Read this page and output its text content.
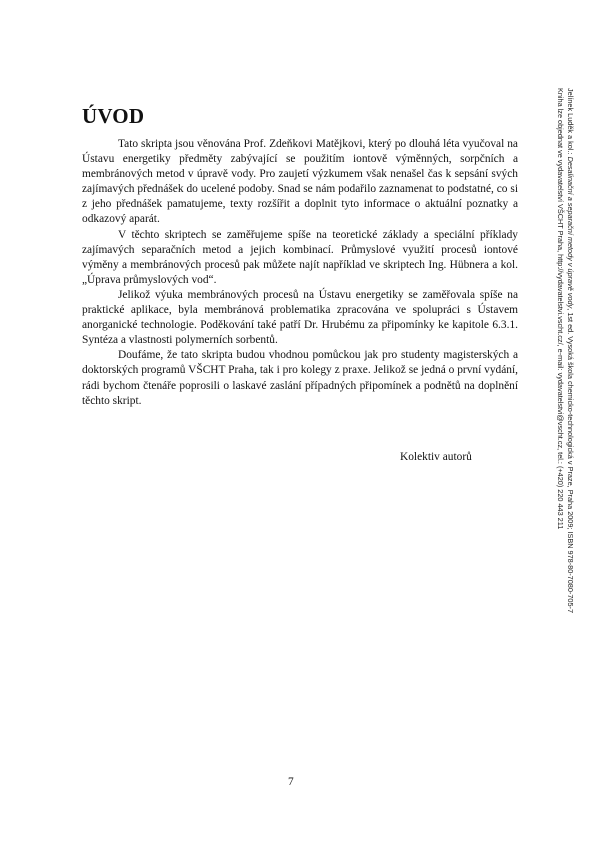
ÚVOD

Tato skripta jsou věnována Prof. Zdeňkovi Matějkovi, který po dlouhá léta vyučoval na Ústavu energetiky předměty zabývající se použitím iontově výměnných, sorpčních a membránových metod v úpravě vody. Pro zaujetí výzkumem však nenašel čas k sepsání svých zajímavých přednášek do ucelené podoby. Snad se nám podařilo zaznamenat to podstatné, co si z jeho přednášek pamatujeme, texty rozšířit a doplnit tyto informace o aktuální poznatky a odkazový aparát.

V těchto skriptech se zaměřujeme spíše na teoretické základy a speciální příklady zajímavých separačních metod a jejich kombinací. Průmyslové využití procesů iontové výměny a membránových procesů pak můžete najít například ve skriptech Ing. Hübnera a kol. „Úprava průmyslových vod“.

Jelikož výuka membránových procesů na Ústavu energetiky se zaměřovala spíše na praktické aplikace, byla membránová problematika zpracována ve spolupráci s Ústavem anorganické technologie. Poděkování také patří Dr. Hrubému za připomínky ke kapitole 6.3.1. Syntéza a vlastnosti polymerních sorbentů.

Doufáme, že tato skripta budou vhodnou pomůckou jak pro studenty magisterských a doktorských programů VŠCHT Praha, tak i pro kolegy z praxe. Jelikož se jedná o první vydání, rádi bychom čtenáře poprosili o laskavé zaslání případných připomínek a podnětů na doplnění těchto skript.

Kolektiv autorů
7
Jelínek Luděk a kol.: Desalinační a separační metody v úpravě vody, 1st ed. Vysoká škola chemicko-technologická v Praze, Praha 2009; ISBN 978-80-7080-705-7
Kniha lze objednat ve vydavatelství VŠCHT Praha, http://vydavatelstvi.vscht.cz/, e-mail: vydavatelstvi@vscht.cz, tel.: (+420) 220 443 211
